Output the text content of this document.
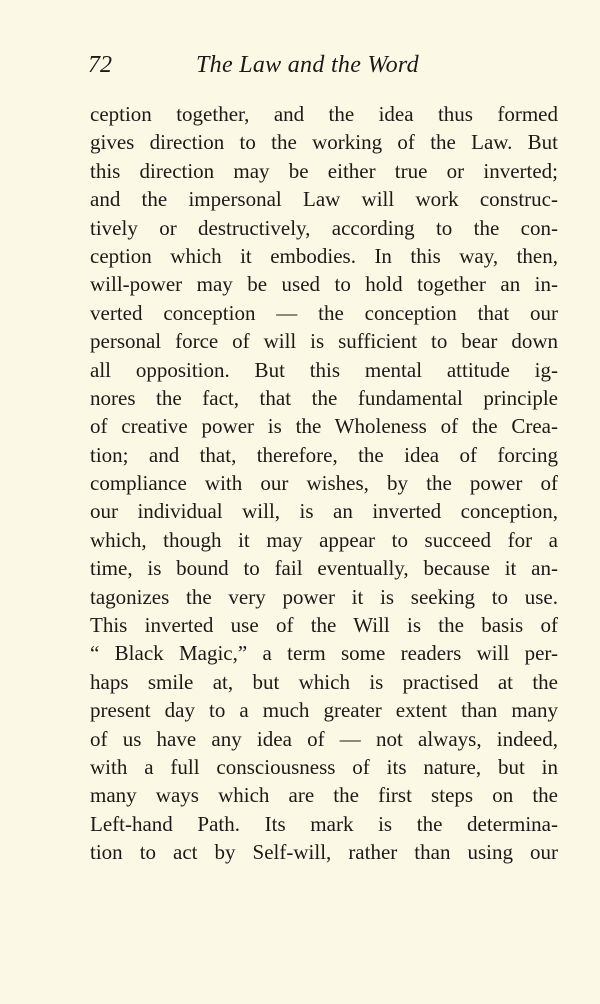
72	The Law and the Word
ception together, and the idea thus formed
gives direction to the working of the Law. But
this direction may be either true or inverted;
and the impersonal Law will work construc-
tively or destructively, according to the con-
ception which it embodies. In this way, then,
will-power may be used to hold together an in-
verted conception — the conception that our
personal force of will is sufficient to bear down
all opposition. But this mental attitude ig-
nores the fact, that the fundamental principle
of creative power is the Wholeness of the Crea-
tion; and that, therefore, the idea of forcing
compliance with our wishes, by the power of
our individual will, is an inverted conception,
which, though it may appear to succeed for a
time, is bound to fail eventually, because it an-
tagonizes the very power it is seeking to use.
This inverted use of the Will is the basis of
“ Black Magic,” a term some readers will per-
haps smile at, but which is practised at the
present day to a much greater extent than many
of us have any idea of — not always, indeed,
with a full consciousness of its nature, but in
many ways which are the first steps on the
Left-hand Path. Its mark is the determina-
tion to act by Self-will, rather than using our
